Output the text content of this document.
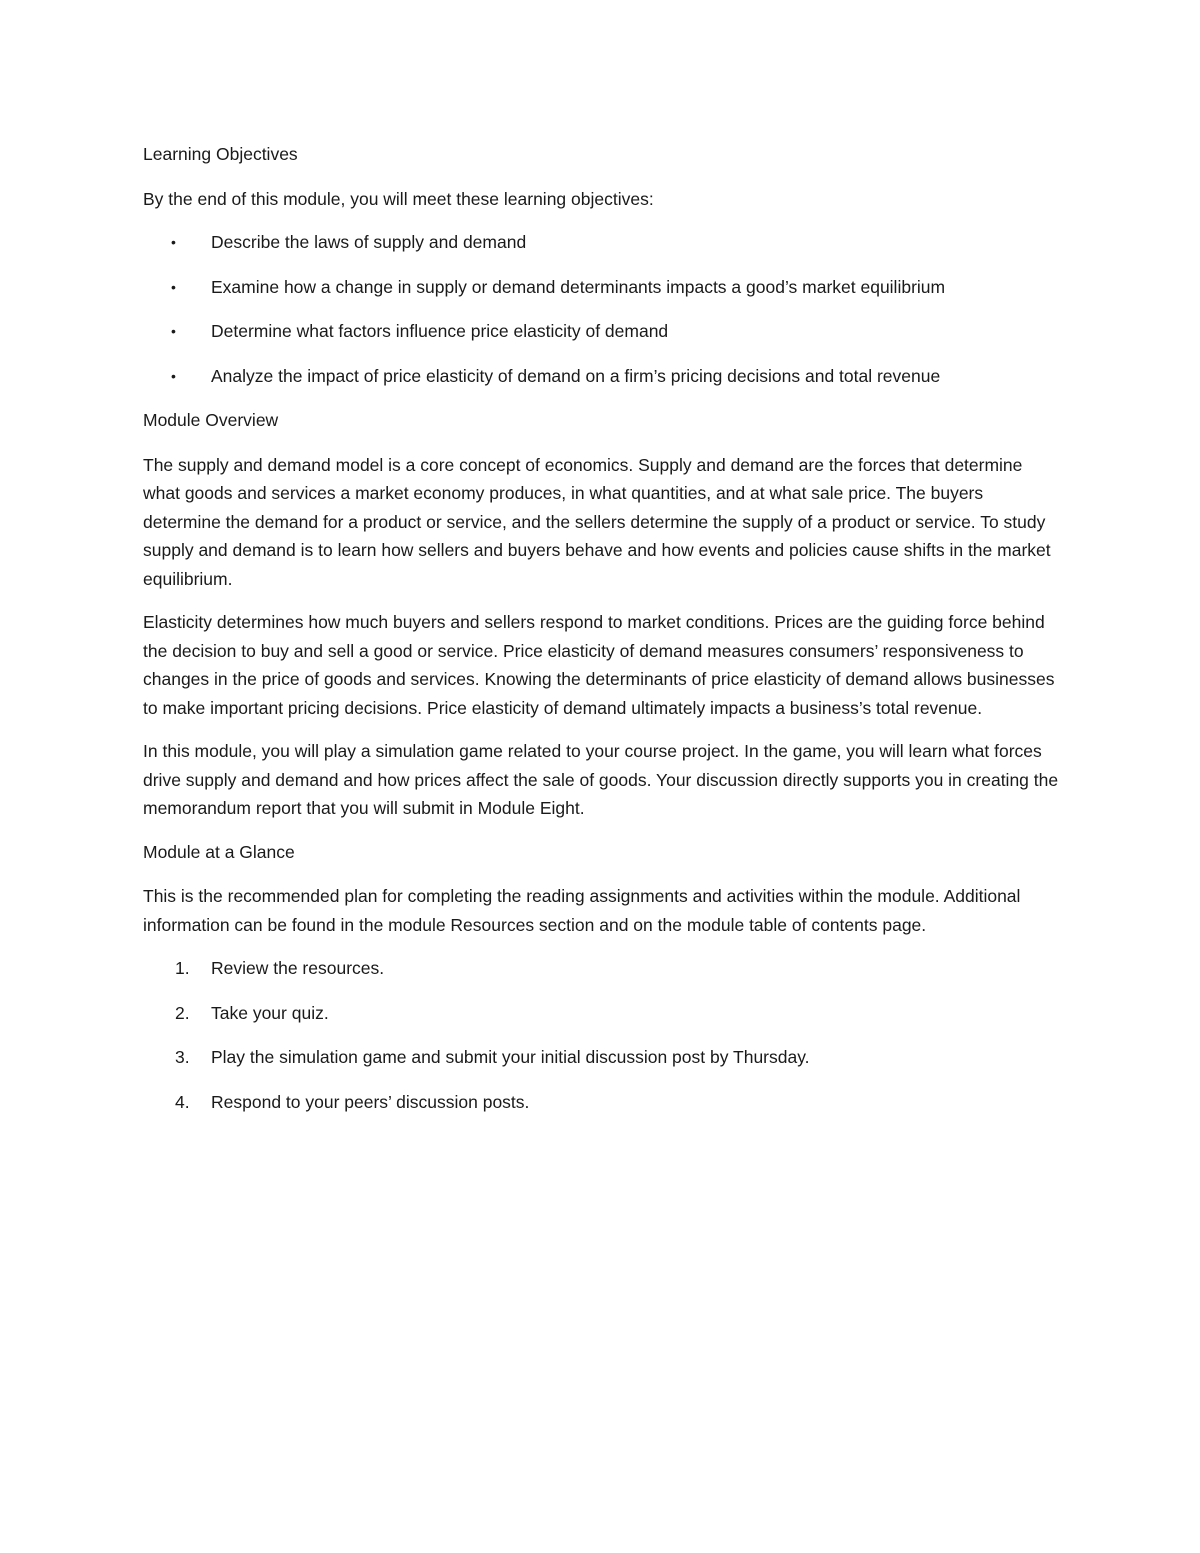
Learning Objectives

By the end of this module, you will meet these learning objectives:

•	Describe the laws of supply and demand
•	Examine how a change in supply or demand determinants impacts a good’s market equilibrium
•	Determine what factors influence price elasticity of demand
•	Analyze the impact of price elasticity of demand on a firm’s pricing decisions and total revenue

Module Overview

The supply and demand model is a core concept of economics. Supply and demand are the forces that determine what goods and services a market economy produces, in what quantities, and at what sale price. The buyers determine the demand for a product or service, and the sellers determine the supply of a product or service. To study supply and demand is to learn how sellers and buyers behave and how events and policies cause shifts in the market equilibrium.

Elasticity determines how much buyers and sellers respond to market conditions. Prices are the guiding force behind the decision to buy and sell a good or service. Price elasticity of demand measures consumers’ responsiveness to changes in the price of goods and services. Knowing the determinants of price elasticity of demand allows businesses to make important pricing decisions. Price elasticity of demand ultimately impacts a business’s total revenue.

In this module, you will play a simulation game related to your course project. In the game, you will learn what forces drive supply and demand and how prices affect the sale of goods. Your discussion directly supports you in creating the memorandum report that you will submit in Module Eight.

Module at a Glance

This is the recommended plan for completing the reading assignments and activities within the module. Additional information can be found in the module Resources section and on the module table of contents page.

1.	Review the resources.
2.	Take your quiz.
3.	Play the simulation game and submit your initial discussion post by Thursday.
4.	Respond to your peers’ discussion posts.
